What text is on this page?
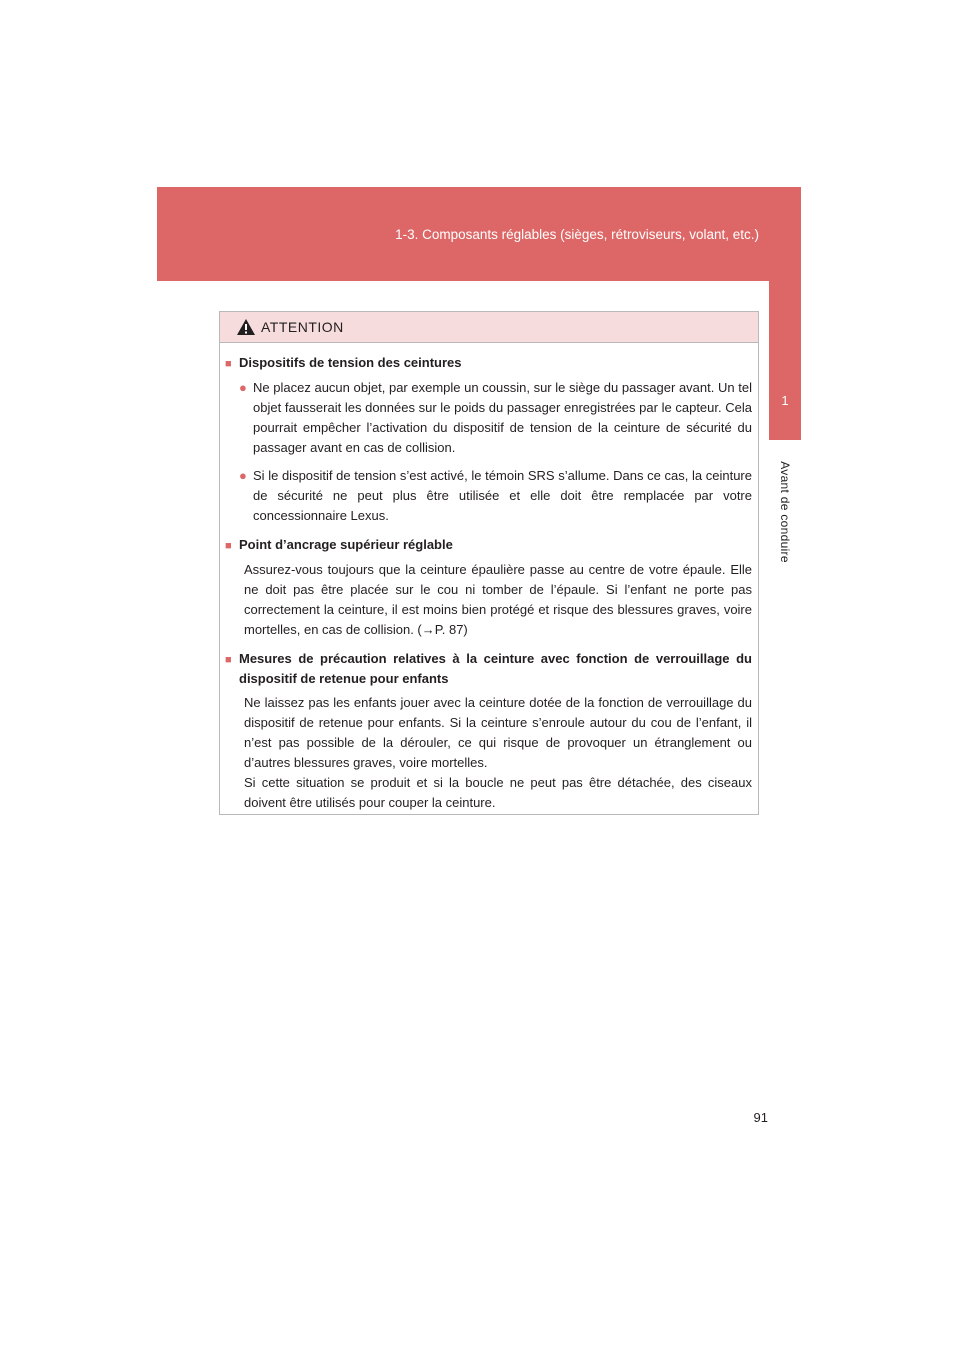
1-3. Composants réglables (sièges, rétroviseurs, volant, etc.)
1
Avant de conduire
ATTENTION
■ Dispositifs de tension des ceintures
● Ne placez aucun objet, par exemple un coussin, sur le siège du passager avant. Un tel objet fausserait les données sur le poids du passager enregistrées par le capteur. Cela pourrait empêcher l’activation du dispositif de tension de la ceinture de sécurité du passager avant en cas de collision.
● Si le dispositif de tension s’est activé, le témoin SRS s’allume. Dans ce cas, la ceinture de sécurité ne peut plus être utilisée et elle doit être remplacée par votre concessionnaire Lexus.
■ Point d’ancrage supérieur réglable
Assurez-vous toujours que la ceinture épaulière passe au centre de votre épaule. Elle ne doit pas être placée sur le cou ni tomber de l’épaule. Si l’enfant ne porte pas correctement la ceinture, il est moins bien protégé et risque des blessures graves, voire mortelles, en cas de collision. (→P. 87)
■ Mesures de précaution relatives à la ceinture avec fonction de verrouillage du dispositif de retenue pour enfants
Ne laissez pas les enfants jouer avec la ceinture dotée de la fonction de verrouillage du dispositif de retenue pour enfants. Si la ceinture s’enroule autour du cou de l’enfant, il n’est pas possible de la dérouler, ce qui risque de provoquer un étranglement ou d’autres blessures graves, voire mortelles.
Si cette situation se produit et si la boucle ne peut pas être détachée, des ciseaux doivent être utilisés pour couper la ceinture.
91
